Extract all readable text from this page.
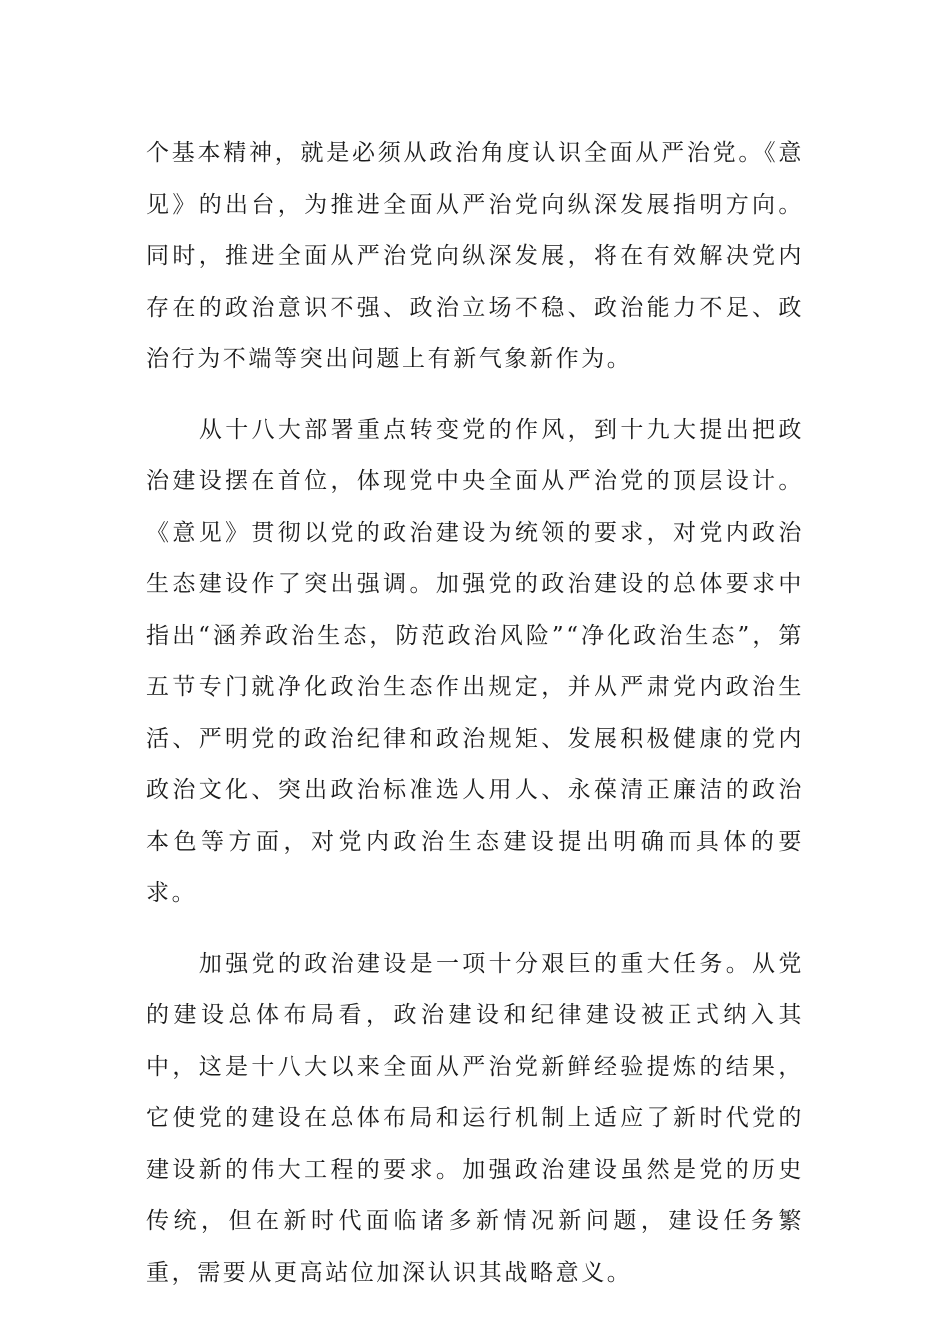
个基本精神，就是必须从政治角度认识全面从严治党。《意见》的出台，为推进全面从严治党向纵深发展指明方向。同时，推进全面从严治党向纵深发展，将在有效解决党内存在的政治意识不强、政治立场不稳、政治能力不足、政治行为不端等突出问题上有新气象新作为。

从十八大部署重点转变党的作风，到十九大提出把政治建设摆在首位，体现党中央全面从严治党的顶层设计。《意见》贯彻以党的政治建设为统领的要求，对党内政治生态建设作了突出强调。加强党的政治建设的总体要求中指出“涵养政治生态，防范政治风险”“净化政治生态”，第五节专门就净化政治生态作出规定，并从严肃党内政治生活、严明党的政治纪律和政治规矩、发展积极健康的党内政治文化、突出政治标准选人用人、永葆清正廉洁的政治本色等方面，对党内政治生态建设提出明确而具体的要求。

加强党的政治建设是一项十分艰巨的重大任务。从党的建设总体布局看，政治建设和纪律建设被正式纳入其中，这是十八大以来全面从严治党新鲜经验提炼的结果，它使党的建设在总体布局和运行机制上适应了新时代党的建设新的伟大工程的要求。加强政治建设虽然是党的历史传统，但在新时代面临诸多新情况新问题，建设任务繁重，需要从更高站位加深认识其战略意义。
